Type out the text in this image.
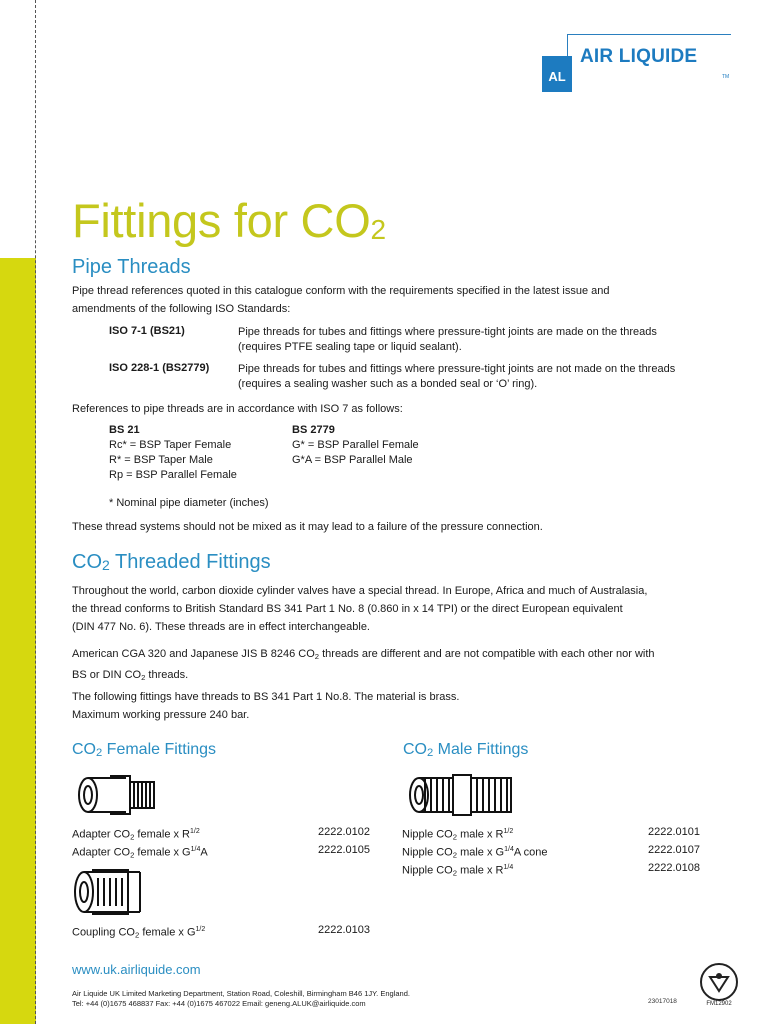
AL
AIR LIQUIDE
TM
Fittings for $CO_2$
Pipe Threads
Pipe thread references quoted in this catalogue conform with the requirements specified in the latest issue and
amendments of the following ISO Standards:
ISO 7-1 (BS21)	Pipe threads for tubes and fittings where pressure-tight joints are made on the threads
(requires PTFE sealing tape or liquid sealant).
ISO 228-1 (BS2779)	Pipe threads for tubes and fittings where pressure-tight joints are not made on the threads
(requires a sealing washer such as a bonded seal or ‘O’ ring).
References to pipe threads are in accordance with ISO 7 as follows:
BS 21
Rc* = BSP Taper Female
R* = BSP Taper Male
Rp = BSP Parallel Female
BS 2779
G* = BSP Parallel Female
G*A = BSP Parallel Male
* Nominal pipe diameter (inches)
These thread systems should not be mixed as it may lead to a failure of the pressure connection.
CO2 Threaded Fittings
Throughout the world, carbon dioxide cylinder valves have a special thread. In Europe, Africa and much of Australasia,
the thread conforms to British Standard BS 341 Part 1 No. 8 (0.860 in x 14 TPI) or the direct European equivalent
(DIN 477 No. 6). These threads are in effect interchangeable.
American CGA 320 and Japanese JIS B 8246 $CO_2$ threads are different and are not compatible with each other nor with
BS or DIN $CO_2$ threads.
The following fittings have threads to BS 341 Part 1 No.8. The material is brass.
Maximum working pressure 240 bar.
CO2 Female Fittings
Adapter $CO_2$ female x $R^{1/2}$	2222.0102
Adapter $CO_2$ female x $G^{1/4}A$	2222.0105
Coupling $CO_2$ female x $G^{1/2}$	2222.0103
CO2 Male Fittings
Nipple $CO_2$ male x $R^{1/2}$	2222.0101
Nipple $CO_2$ male x $G^{1/4}A$ cone	2222.0107
Nipple $CO_2$ male x $R^{1/4}$	2222.0108
www.uk.airliquide.com
Air Liquide UK Limited Marketing Department, Station Road, Coleshill, Birmingham B46 1JY. England.
Tel: +44 (0)1675 468837 Fax: +44 (0)1675 467022 Email: geneng.ALUK@airliquide.com	23017018	FM12902
